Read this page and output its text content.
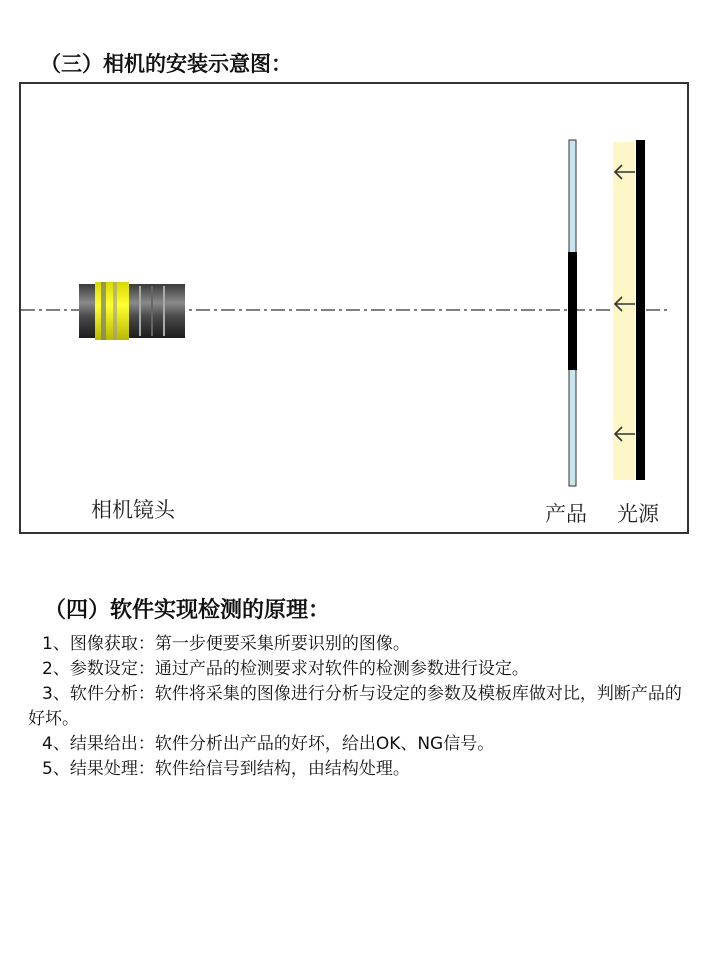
（三）相机的安装示意图：
相机镜头	产品 光源
（四）软件实现检测的原理：

1、图像获取：第一步便要采集所要识别的图像。

2、参数设定：通过产品的检测要求对软件的检测参数进行设定。

3、软件分析：软件将采集的图像进行分析与设定的参数及模板库做对比，判断产品的好坏。

4、结果给出：软件分析出产品的好坏，给出OK、NG信号。

5、结果处理：软件给信号到结构，由结构处理。
